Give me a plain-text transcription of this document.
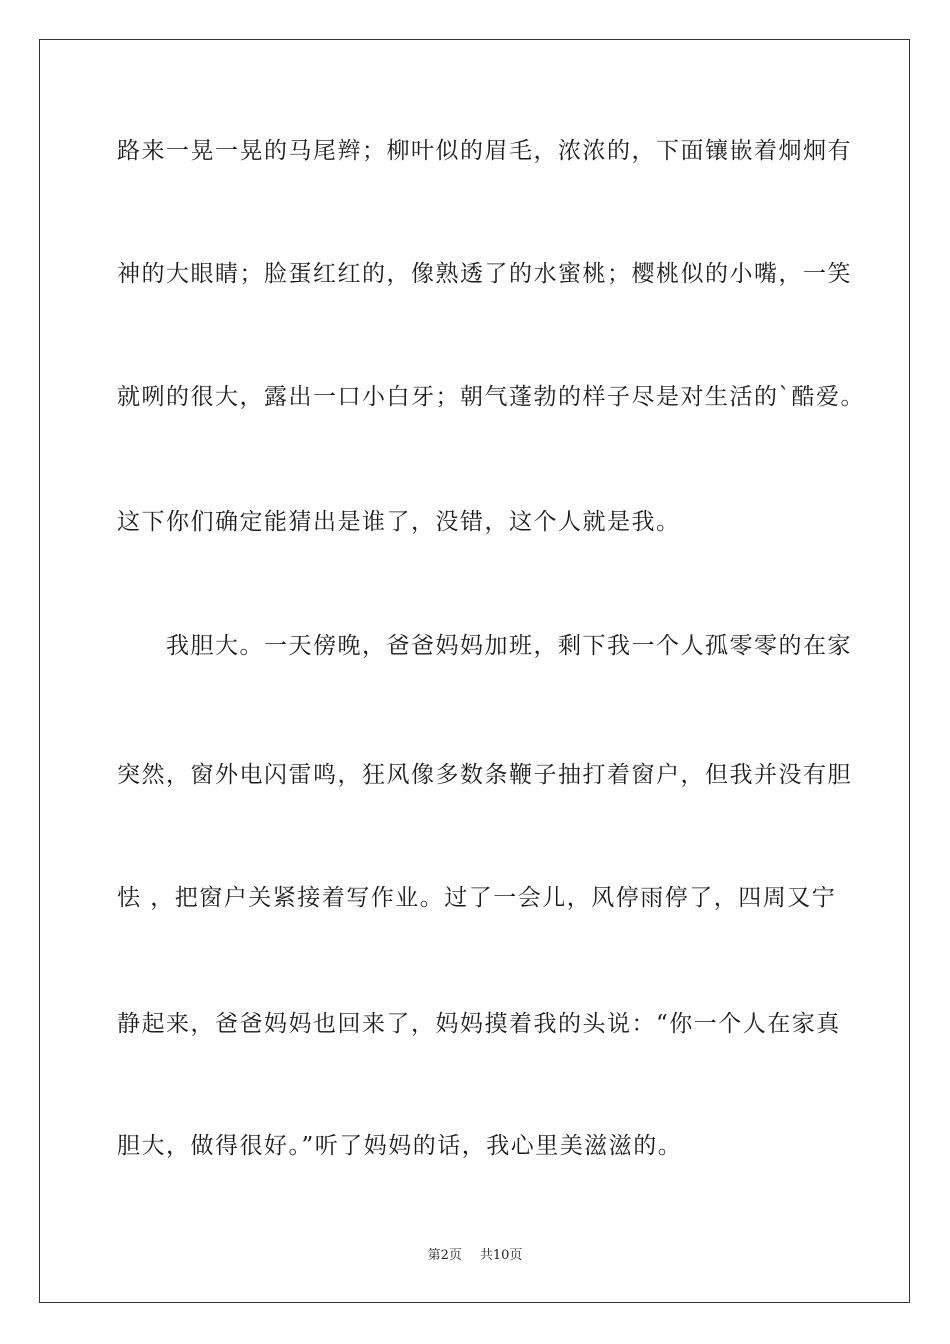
路来一晃一晃的马尾辫；柳叶似的眉毛，浓浓的，下面镶嵌着炯炯有
神的大眼睛；脸蛋红红的，像熟透了的水蜜桃；樱桃似的小嘴，一笑
就咧的很大，露出一口小白牙；朝气蓬勃的样子尽是对生活的`酷爱。
这下你们确定能猜出是谁了，没错，这个人就是我。
　　我胆大。一天傍晚，爸爸妈妈加班，剩下我一个人孤零零的在家
突然，窗外电闪雷鸣，狂风像多数条鞭子抽打着窗户，但我并没有胆
怯 ，把窗户关紧接着写作业。过了一会儿，风停雨停了，四周又宁
静起来，爸爸妈妈也回来了，妈妈摸着我的头说：“你一个人在家真
胆大，做得很好。”听了妈妈的话，我心里美滋滋的。
第2页 共10页
